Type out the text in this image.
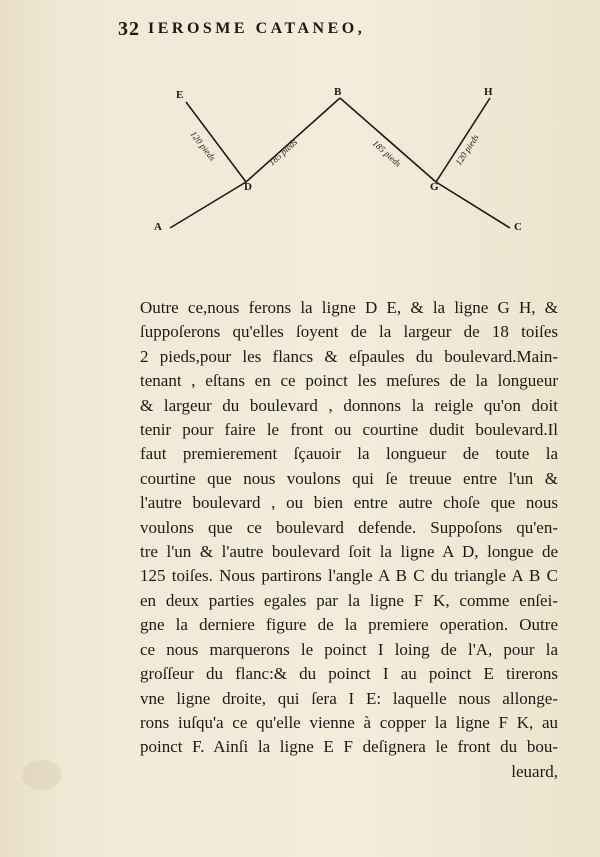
32 IEROSME CATANEO,
E	B	H
D	G
A	C
120 pieds	185 pieds	185 pieds	120 pieds
Outre ce,nous ferons la ligne D E, & la ligne G H, &
ſuppoſerons qu'elles ſoyent de la largeur de 18 toiſes
2 pieds,pour les flancs & eſpaules du boulevard.Main-
tenant , eſtans en ce poinct les meſures de la longueur
& largeur du boulevard , donnons la reigle qu'on doit
tenir pour faire le front ou courtine dudit boulevard.Il
faut premierement ſçauoir la longueur de toute la
courtine que nous voulons qui ſe treuue entre l'un &
l'autre boulevard , ou bien entre autre choſe que nous
voulons que ce boulevard defende. Suppoſons qu'en-
tre l'un & l'autre boulevard ſoit la ligne A D, longue de
125 toiſes. Nous partirons l'angle A B C du triangle A B C
en deux parties egales par la ligne F K, comme enſei-
gne la derniere figure de la premiere operation. Outre
ce nous marquerons le poinct I loing de l'A, pour la
groſſeur du flanc:& du poinct I au poinct E tirerons
vne ligne droite, qui ſera I E: laquelle nous allonge-
rons iuſqu'a ce qu'elle vienne à copper la ligne F K, au
poinct F. Ainſi la ligne E F deſignera le front du bou-
leuard,
